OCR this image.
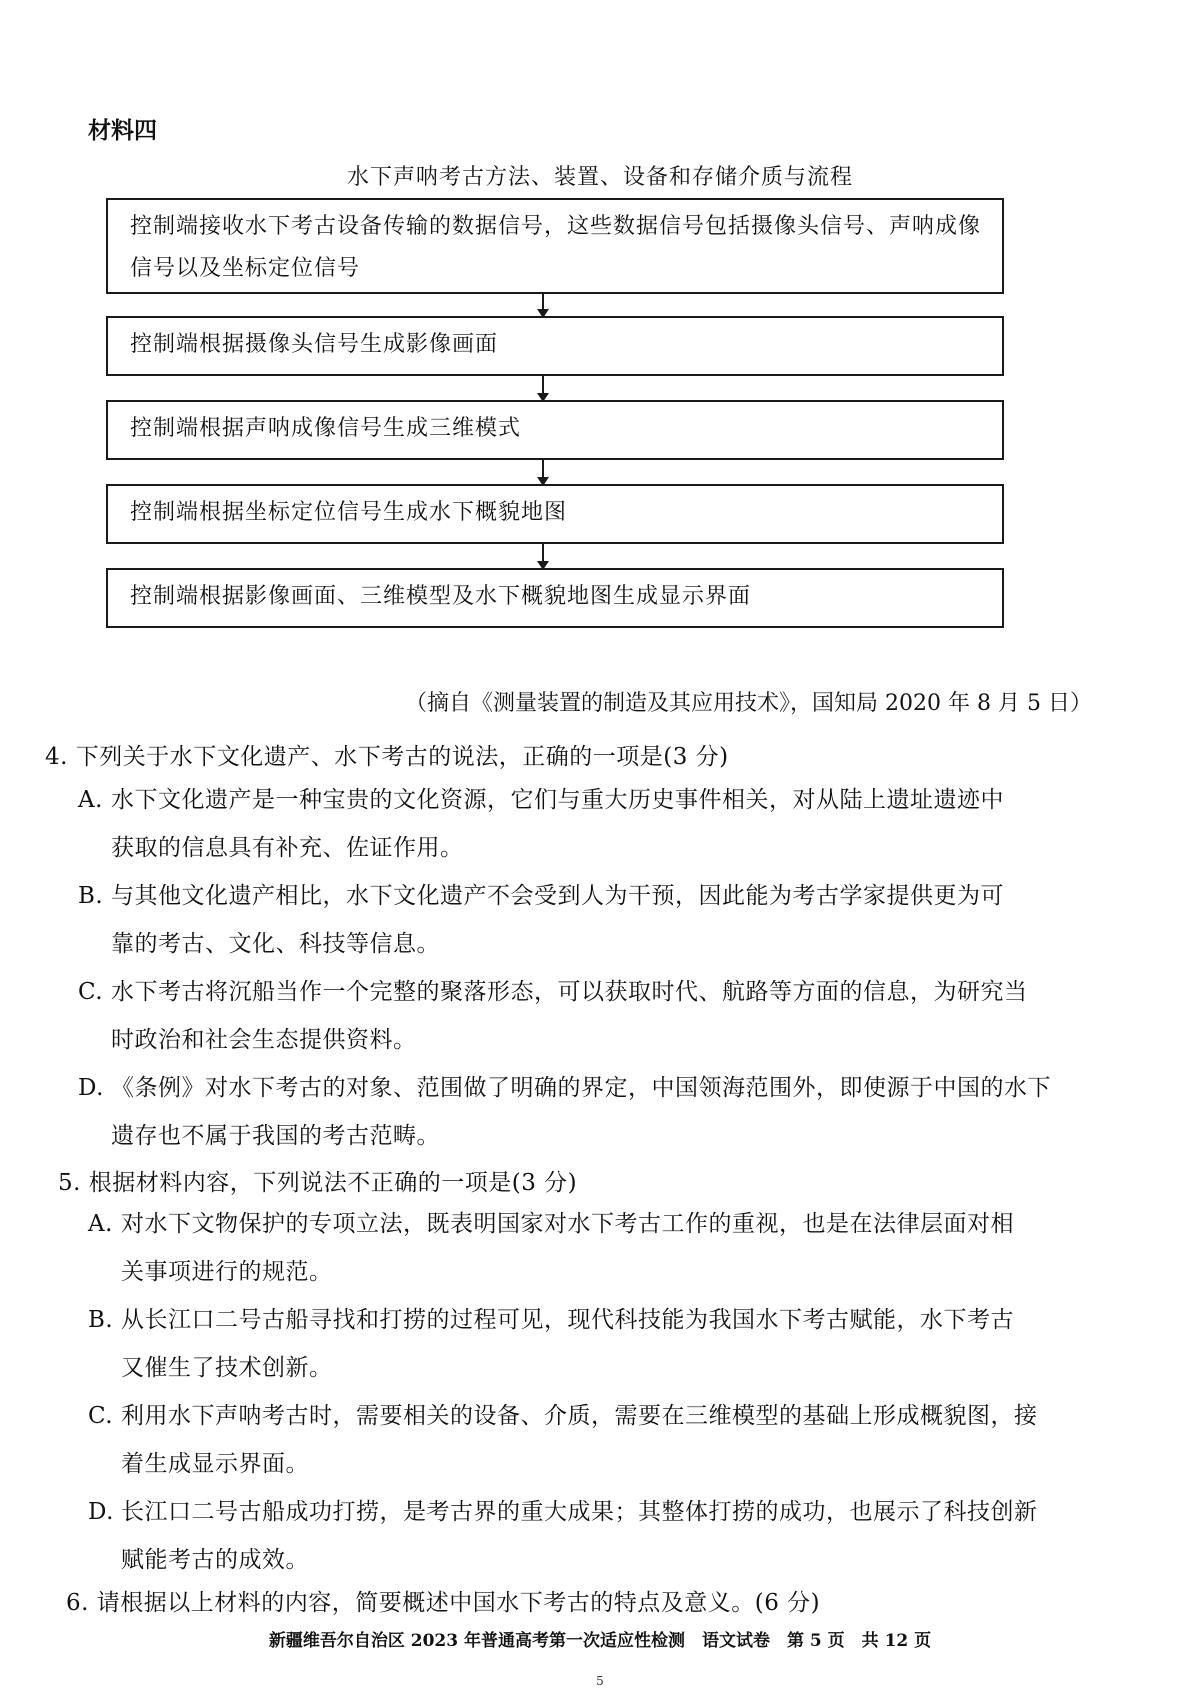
材料四
水下声呐考古方法、装置、设备和存储介质与流程
控制端接收水下考古设备传输的数据信号，这些数据信号包括摄像头信号、声呐成像信号以及坐标定位信号
控制端根据摄像头信号生成影像画面
控制端根据声呐成像信号生成三维模式
控制端根据坐标定位信号生成水下概貌地图
控制端根据影像画面、三维模型及水下概貌地图生成显示界面
（摘自《测量装置的制造及其应用技术》，国知局 2020 年 8 月 5 日）
4. 下列关于水下文化遗产、水下考古的说法，正确的一项是(3 分)
A. 水下文化遗产是一种宝贵的文化资源，它们与重大历史事件相关，对从陆上遗址遗迹中
获取的信息具有补充、佐证作用。
B. 与其他文化遗产相比，水下文化遗产不会受到人为干预，因此能为考古学家提供更为可
靠的考古、文化、科技等信息。
C. 水下考古将沉船当作一个完整的聚落形态，可以获取时代、航路等方面的信息，为研究当
时政治和社会生态提供资料。
D. 《条例》对水下考古的对象、范围做了明确的界定，中国领海范围外，即使源于中国的水下
遗存也不属于我国的考古范畴。
5. 根据材料内容，下列说法不正确的一项是(3 分)
A. 对水下文物保护的专项立法，既表明国家对水下考古工作的重视，也是在法律层面对相
关事项进行的规范。
B. 从长江口二号古船寻找和打捞的过程可见，现代科技能为我国水下考古赋能，水下考古
又催生了技术创新。
C. 利用水下声呐考古时，需要相关的设备、介质，需要在三维模型的基础上形成概貌图，接
着生成显示界面。
D. 长江口二号古船成功打捞，是考古界的重大成果；其整体打捞的成功，也展示了科技创新
赋能考古的成效。
6. 请根据以上材料的内容，简要概述中国水下考古的特点及意义。(6 分)
新疆维吾尔自治区 2023 年普通高考第一次适应性检测　语文试卷　第 5 页　共 12 页
5
